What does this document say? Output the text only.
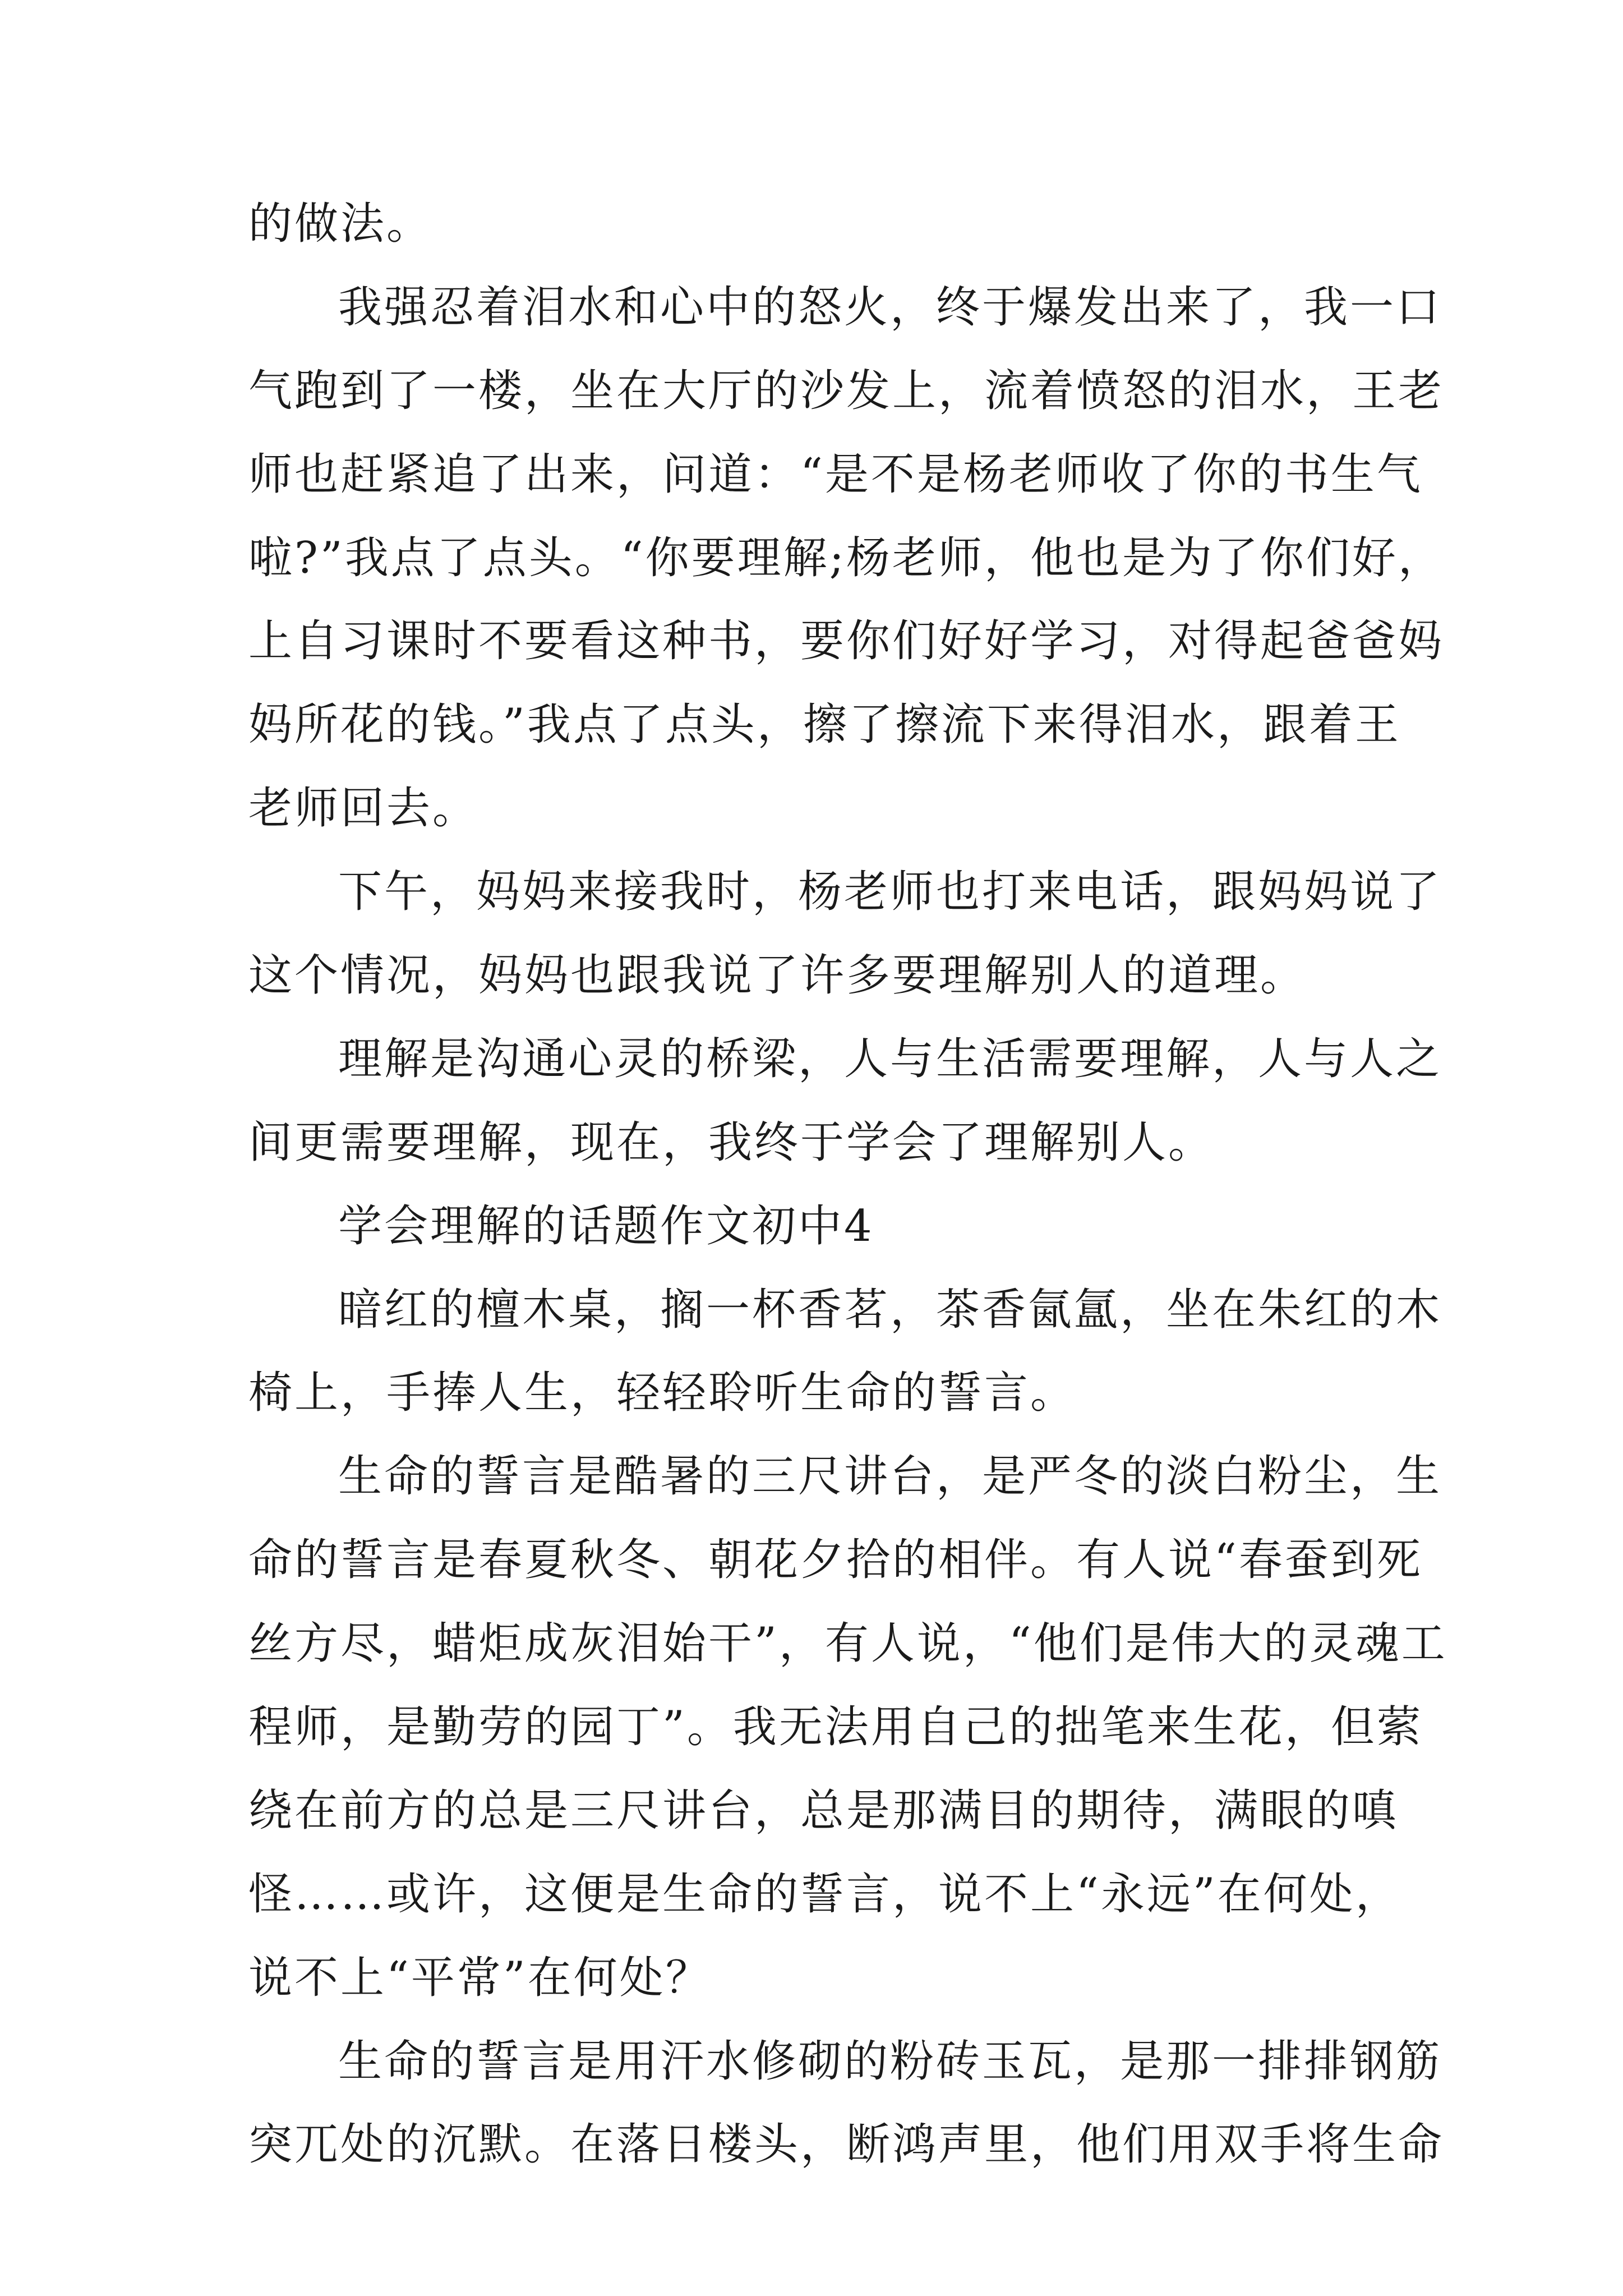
的做法。
我强忍着泪水和心中的怒火，终于爆发出来了，我一口
气跑到了一楼，坐在大厅的沙发上，流着愤怒的泪水，王老
师也赶紧追了出来，问道：“是不是杨老师收了你的书生气
啦?”我点了点头。“你要理解;杨老师，他也是为了你们好，
上自习课时不要看这种书，要你们好好学习，对得起爸爸妈
妈所花的钱。”我点了点头，擦了擦流下来得泪水，跟着王
老师回去。
下午，妈妈来接我时，杨老师也打来电话，跟妈妈说了
这个情况，妈妈也跟我说了许多要理解别人的道理。
理解是沟通心灵的桥梁，人与生活需要理解，人与人之
间更需要理解，现在，我终于学会了理解别人。
学会理解的话题作文初中4
暗红的檀木桌，搁一杯香茗，茶香氤氲，坐在朱红的木
椅上，手捧人生，轻轻聆听生命的誓言。
生命的誓言是酷暑的三尺讲台，是严冬的淡白粉尘，生
命的誓言是春夏秋冬、朝花夕拾的相伴。有人说“春蚕到死
丝方尽，蜡炬成灰泪始干”，有人说，“他们是伟大的灵魂工
程师，是勤劳的园丁”。我无法用自己的拙笔来生花，但萦
绕在前方的总是三尺讲台，总是那满目的期待，满眼的嗔
怪……或许，这便是生命的誓言，说不上“永远”在何处，
说不上“平常”在何处？
生命的誓言是用汗水修砌的粉砖玉瓦，是那一排排钢筋
突兀处的沉默。在落日楼头，断鸿声里，他们用双手将生命
